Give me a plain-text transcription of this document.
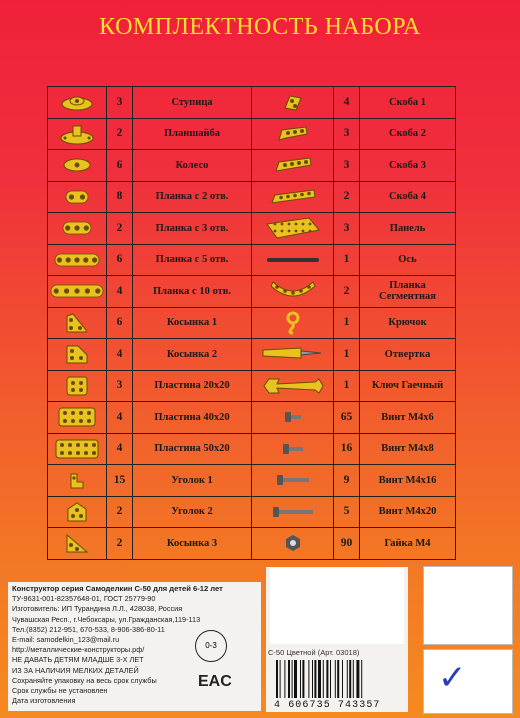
КОМПЛЕКТНОСТЬ НАБОРА
	3	Ступица		4	Скоба 1

	2	Планшайба		3	Скоба 2

	6	Колесо		3	Скоба 3

	8	Планка с 2 отв.		2	Скоба 4

	2	Планка с 3 отв.		3	Панель

	6	Планка с 5 отв.		1	Ось

	4	Планка с 10 отв.		2	Планка Сегментная

	6	Косынка 1		1	Крючок

	4	Косынка 2		1	Отвертка

	3	Пластина 20х20		1	Ключ Гаечный

	4	Пластина 40х20		65	Винт М4х6

	4	Пластина 50х20		16	Винт М4х8

	15	Уголок 1		9	Винт М4х16

	2	Уголок 2		5	Винт М4х20

	2	Косынка 3		90	Гайка М4
Конструктор серия Самоделкин С-50 для детей 6-12 лет
ТУ-9631-001-82357648-01, ГОСТ 25779-90
Изготовитель: ИП Турандина Л.Л., 428038, Россия
Чувашская Респ., г.Чебоксары, ул.Гражданская,119-113
Тел.(8352) 212-951, 670-533, 8-906-386-80-11
E-mail: samodelkin_123@mail.ru
http://металлические-конструкторы.рф/
НЕ ДАВАТЬ ДЕТЯМ МЛАДШЕ 3-Х ЛЕТ
ИЗ ЗА НАЛИЧИЯ МЕЛКИХ ДЕТАЛЕЙ
Сохраняйте упаковку на весь срок службы
Срок службы не установлен
Дата изготовления
0-3
EAC
С-50 Цветной (Арт. 03018)
4 606735 743357
✓
